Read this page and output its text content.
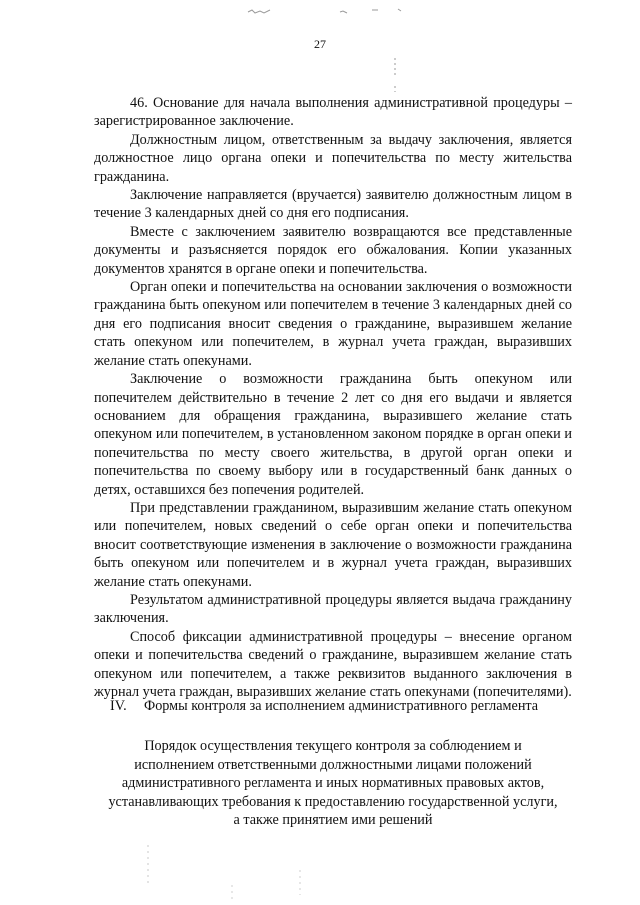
27

46. Основание для начала выполнения административной процедуры – зарегистрированное заключение.

Должностным лицом, ответственным за выдачу заключения, является должностное лицо органа опеки и попечительства по месту жительства гражданина.

Заключение направляется (вручается) заявителю должностным лицом в течение 3 календарных дней со дня его подписания.

Вместе с заключением заявителю возвращаются все представленные документы и разъясняется порядок его обжалования. Копии указанных документов хранятся в органе опеки и попечительства.

Орган опеки и попечительства на основании заключения о возможности гражданина быть опекуном или попечителем в течение 3 календарных дней со дня его подписания вносит сведения о гражданине, выразившем желание стать опекуном или попечителем, в журнал учета граждан, выразивших желание стать опекунами.

Заключение о возможности гражданина быть опекуном или попечителем действительно в течение 2 лет со дня его выдачи и является основанием для обращения гражданина, выразившего желание стать опекуном или попечителем, в установленном законом порядке в орган опеки и попечительства по месту своего жительства, в другой орган опеки и попечительства по своему выбору или в государственный банк данных о детях, оставшихся без попечения родителей.

При представлении гражданином, выразившим желание стать опекуном или попечителем, новых сведений о себе орган опеки и попечительства вносит соответствующие изменения в заключение о возможности гражданина быть опекуном или попечителем и в журнал учета граждан, выразивших желание стать опекунами.

Результатом административной процедуры является выдача гражданину заключения.

Способ фиксации административной процедуры – внесение органом опеки и попечительства сведений о гражданине, выразившем желание стать опекуном или попечителем, а также реквизитов выданного заключения в журнал учета граждан, выразивших желание стать опекунами (попечителями).

IV. Формы контроля за исполнением административного регламента
Порядок осуществления текущего контроля за соблюдением и
исполнением ответственными должностными лицами положений
административного регламента и иных нормативных правовых актов,
устанавливающих требования к предоставлению государственной услуги,
а также принятием ими решений
